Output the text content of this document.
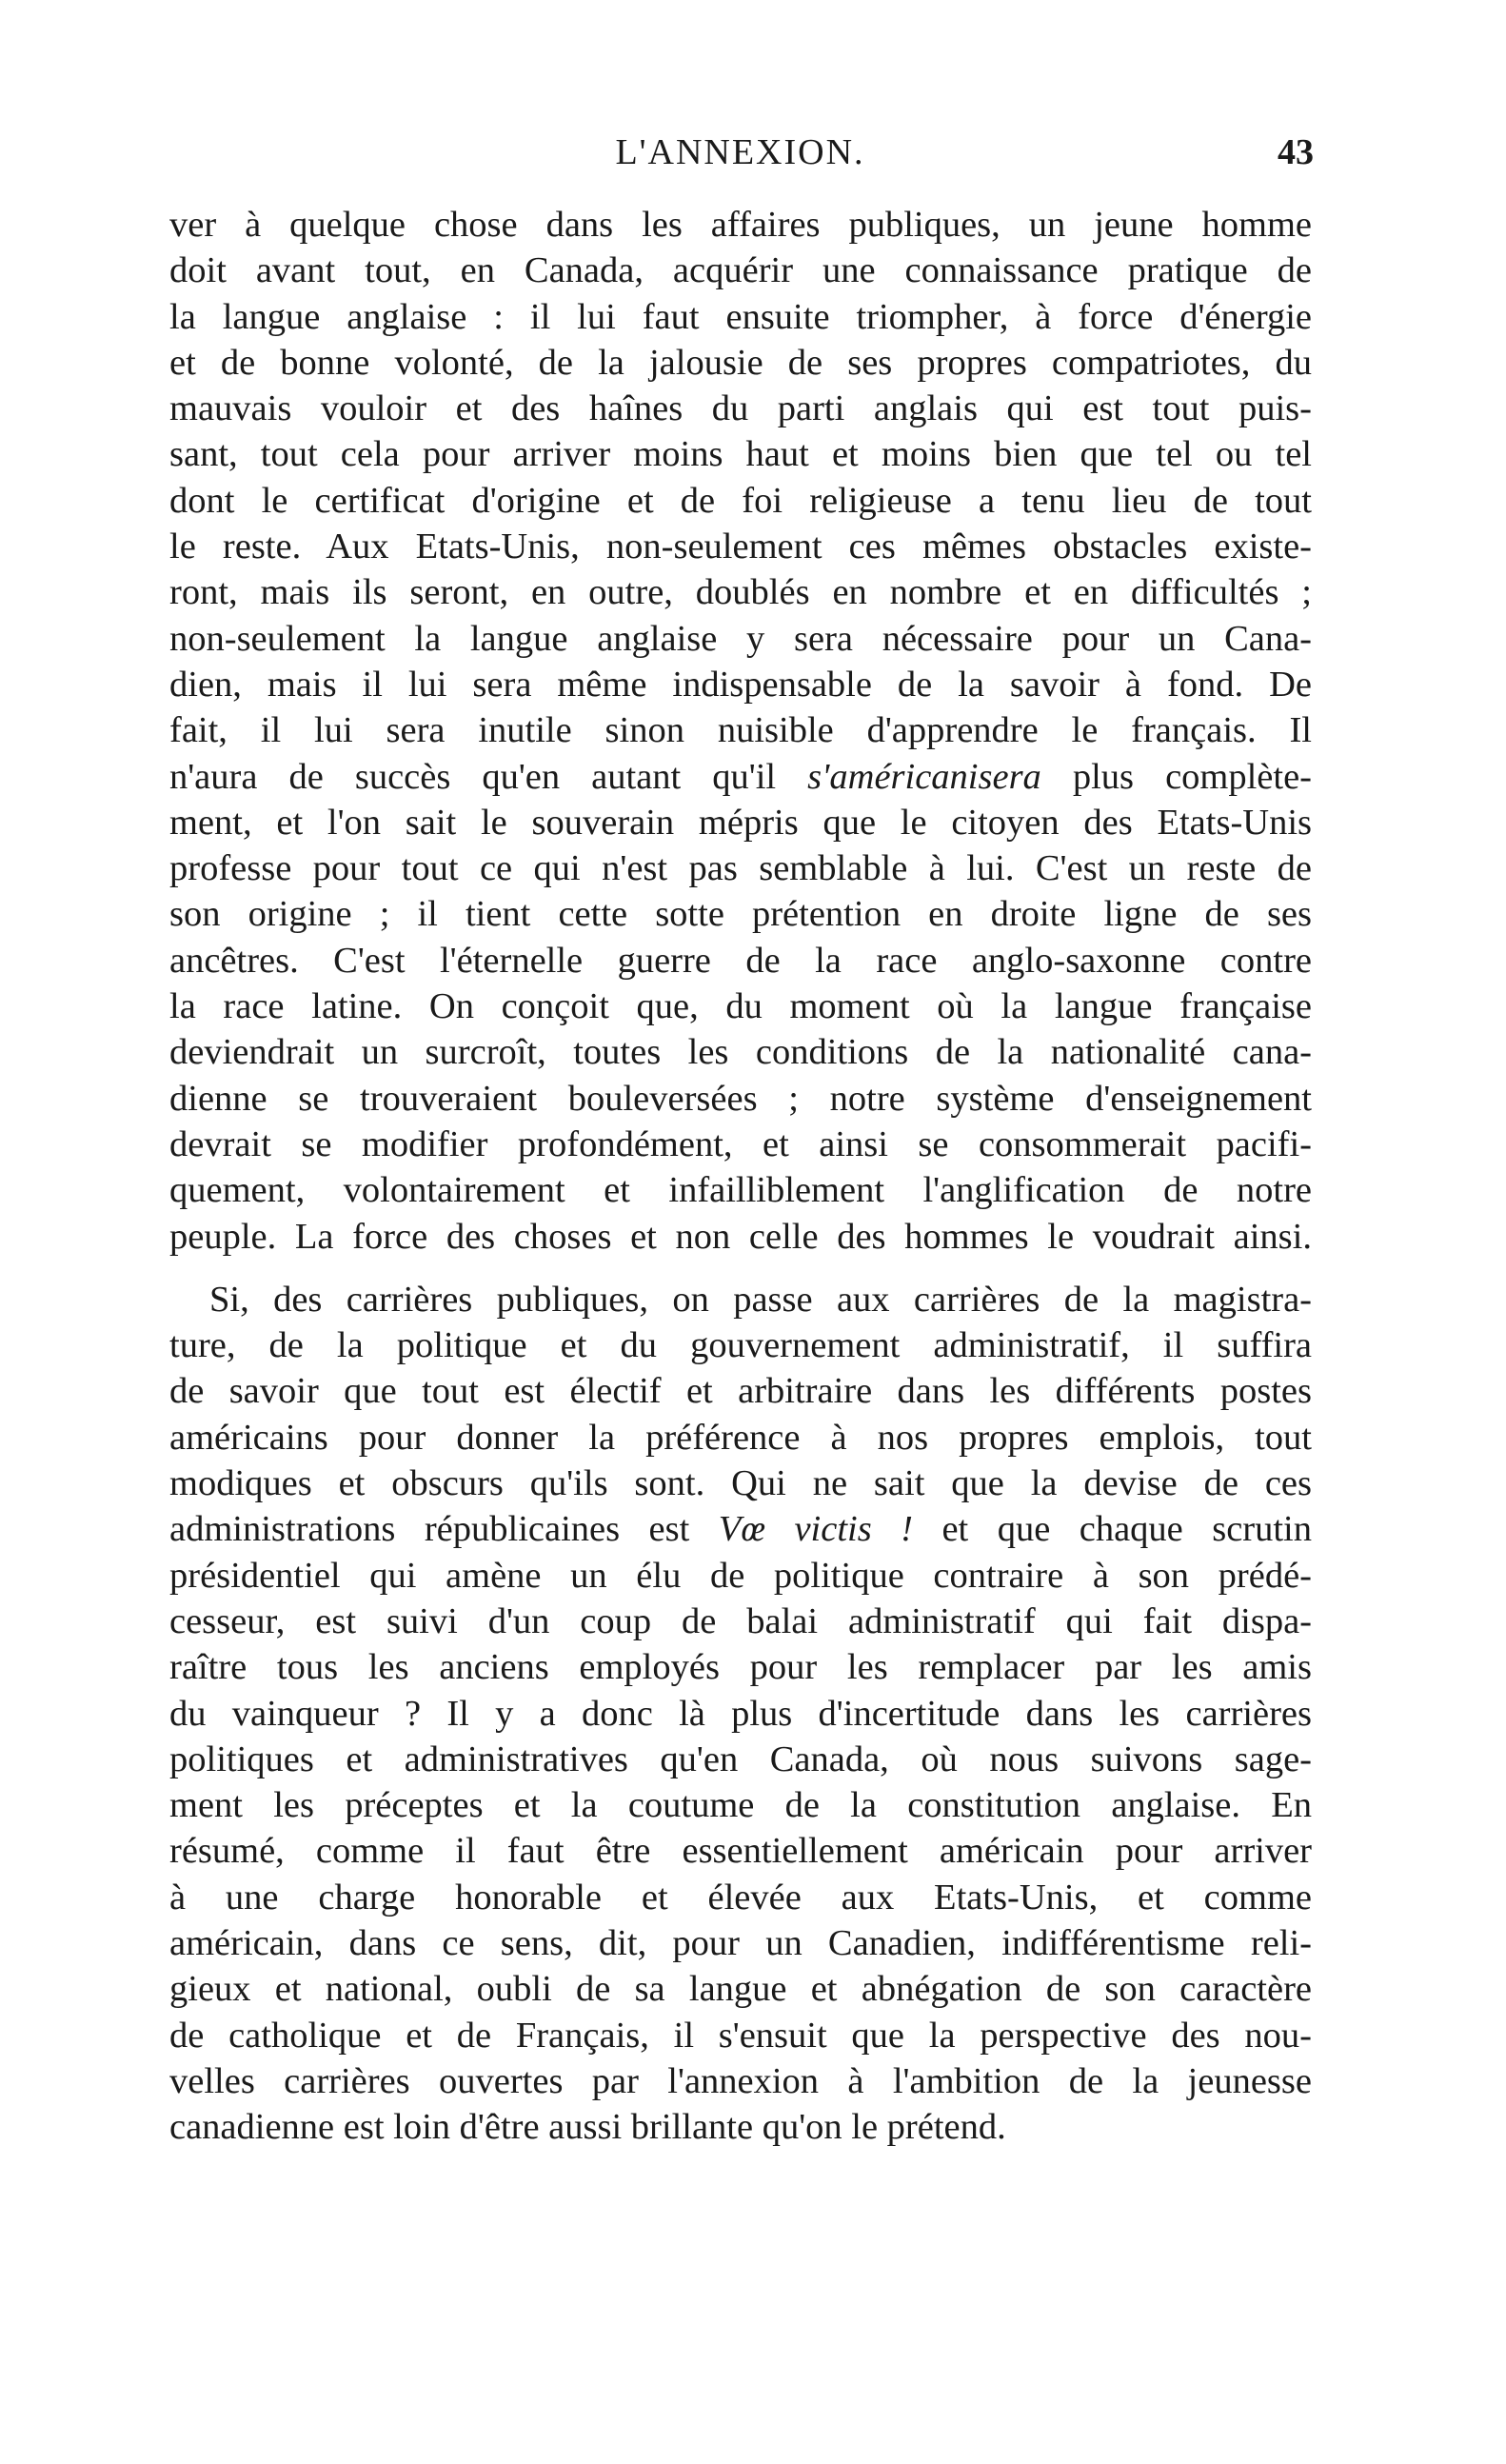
L'ANNEXION.	43
ver à quelque chose dans les affaires publiques, un jeune homme
doit avant tout, en Canada, acquérir une connaissance pratique de
la langue anglaise : il lui faut ensuite triompher, à force d'énergie
et de bonne volonté, de la jalousie de ses propres compatriotes, du
mauvais vouloir et des haînes du parti anglais qui est tout puis-
sant, tout cela pour arriver moins haut et moins bien que tel ou tel
dont le certificat d'origine et de foi religieuse a tenu lieu de tout
le reste. Aux Etats-Unis, non-seulement ces mêmes obstacles existe-
ront, mais ils seront, en outre, doublés en nombre et en difficultés ;
non-seulement la langue anglaise y sera nécessaire pour un Cana-
dien, mais il lui sera même indispensable de la savoir à fond. De
fait, il lui sera inutile sinon nuisible d'apprendre le français. Il
n'aura de succès qu'en autant qu'il s'américanisera plus complète-
ment, et l'on sait le souverain mépris que le citoyen des Etats-Unis
professe pour tout ce qui n'est pas semblable à lui. C'est un reste de
son origine ; il tient cette sotte prétention en droite ligne de ses
ancêtres. C'est l'éternelle guerre de la race anglo-saxonne contre
la race latine. On conçoit que, du moment où la langue française
deviendrait un surcroît, toutes les conditions de la nationalité cana-
dienne se trouveraient bouleversées ; notre système d'enseignement
devrait se modifier profondément, et ainsi se consommerait pacifi-
quement, volontairement et infailliblement l'anglification de notre
peuple. La force des choses et non celle des hommes le voudrait ainsi.
Si, des carrières publiques, on passe aux carrières de la magistra-
ture, de la politique et du gouvernement administratif, il suffira
de savoir que tout est électif et arbitraire dans les différents postes
américains pour donner la préférence à nos propres emplois, tout
modiques et obscurs qu'ils sont. Qui ne sait que la devise de ces
administrations républicaines est Vœ victis ! et que chaque scrutin
présidentiel qui amène un élu de politique contraire à son prédé-
cesseur, est suivi d'un coup de balai administratif qui fait dispa-
raître tous les anciens employés pour les remplacer par les amis
du vainqueur ? Il y a donc là plus d'incertitude dans les carrières
politiques et administratives qu'en Canada, où nous suivons sage-
ment les préceptes et la coutume de la constitution anglaise. En
résumé, comme il faut être essentiellement américain pour arriver
à une charge honorable et élevée aux Etats-Unis, et comme
américain, dans ce sens, dit, pour un Canadien, indifférentisme reli-
gieux et national, oubli de sa langue et abnégation de son caractère
de catholique et de Français, il s'ensuit que la perspective des nou-
velles carrières ouvertes par l'annexion à l'ambition de la jeunesse
canadienne est loin d'être aussi brillante qu'on le prétend.
